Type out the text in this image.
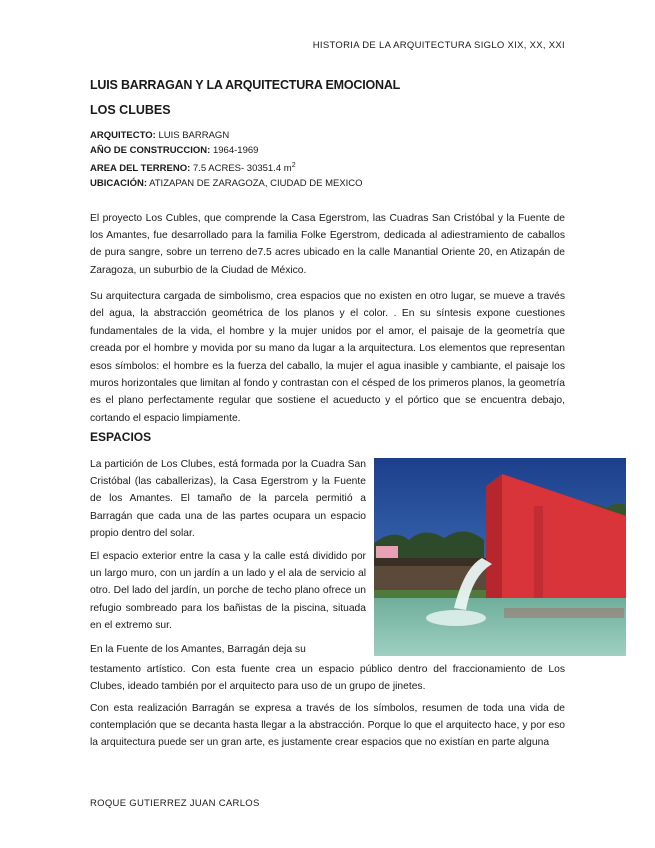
HISTORIA DE LA ARQUITECTURA SIGLO XIX, XX, XXI
LUIS BARRAGAN Y LA ARQUITECTURA EMOCIONAL
LOS CLUBES
ARQUITECTO: LUIS BARRAGN
AÑO DE CONSTRUCCION: 1964-1969
AREA DEL TERRENO: 7.5 ACRES- 30351.4 $m^2$
UBICACIÓN: ATIZAPAN DE ZARAGOZA, CIUDAD DE MEXICO

El proyecto Los Cubles, que comprende la Casa Egerstrom, las Cuadras San Cristóbal y la Fuente de los Amantes, fue desarrollado para la familia Folke Egerstrom, dedicada al adiestramiento de caballos de pura sangre, sobre un terreno de7.5 acres ubicado en la calle Manantial Oriente 20, en Atizapán de Zaragoza, un suburbio de la Ciudad de México.

Su arquitectura cargada de simbolismo, crea espacios que no existen en otro lugar, se mueve a través del agua, la abstracción geométrica de los planos y el color. . En su síntesis expone cuestiones fundamentales de la vida, el hombre y la mujer unidos por el amor, el paisaje de la geometría que creada por el hombre y movida por su mano da lugar a la arquitectura. Los elementos que representan esos símbolos: el hombre es la fuerza del caballo, la mujer el agua inasible y cambiante, el paisaje los muros horizontales que limitan al fondo y contrastan con el césped de los primeros planos, la geometría es el plano perfectamente regular que sostiene el acueducto y el pórtico que se encuentra debajo, cortando el espacio limpiamente.

ESPACIOS

La partición de Los Clubes, está formada por la Cuadra San Cristóbal (las caballerizas), la Casa Egerstrom y la Fuente de los Amantes. El tamaño de la parcela permitió a Barragán que cada una de las partes ocupara un espacio propio dentro del solar.

El espacio exterior entre la casa y la calle está dividido por un largo muro, con un jardín a un lado y el ala de servicio al otro. Del lado del jardín, un porche de techo plano ofrece un refugio sombreado para los bañistas de la piscina, situada en el extremo sur.

En la Fuente de los Amantes, Barragán deja su

testamento artístico. Con esta fuente crea un espacio público dentro del fraccionamiento de Los Clubes, ideado también por el arquitecto para uso de un grupo de jinetes.

Con esta realización Barragán se expresa a través de los símbolos, resumen de toda una vida de contemplación que se decanta hasta llegar a la abstracción. Porque lo que el arquitecto hace, y por eso la arquitectura puede ser un gran arte, es justamente crear espacios que no existían en parte alguna

ROQUE GUTIERREZ JUAN CARLOS
